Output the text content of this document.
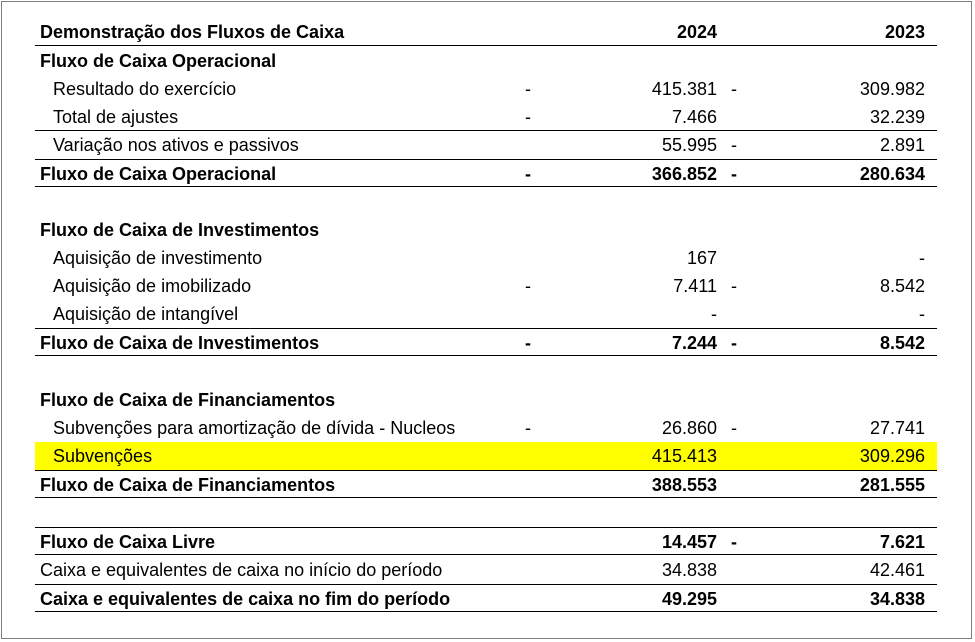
Demonstração dos Fluxos de Caixa	2024	2023
Fluxo de Caixa Operacional
Resultado do exercício	-	415.381 -	309.982
Total de ajustes	-	7.466	32.239
Variação nos ativos e passivos	55.995 -	2.891
Fluxo de Caixa Operacional	-	366.852 -	280.634
Fluxo de Caixa de Investimentos
Aquisição de investimento	167	-
Aquisição de imobilizado	-	7.411 -	8.542
Aquisição de intangível	-	-
Fluxo de Caixa de Investimentos	-	7.244 -	8.542
Fluxo de Caixa de Financiamentos
Subvenções para amortização de dívida - Nucleos	-	26.860 -	27.741
Subvenções	415.413	309.296
Fluxo de Caixa de Financiamentos	388.553	281.555
Fluxo de Caixa Livre	14.457 -	7.621
Caixa e equivalentes de caixa no início do período	34.838	42.461
Caixa e equivalentes de caixa no fim do período	49.295	34.838
